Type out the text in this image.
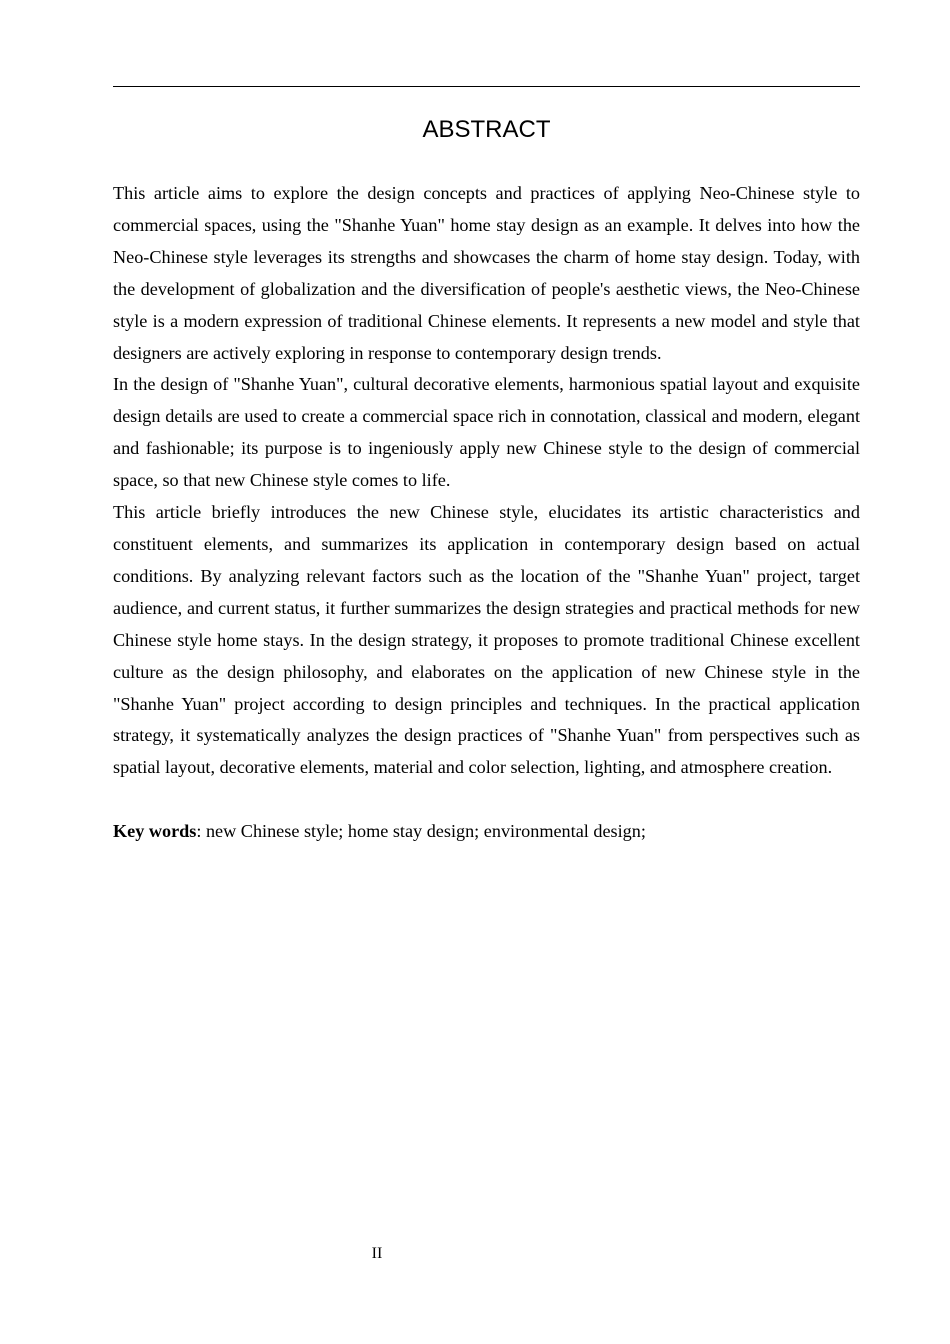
ABSTRACT

This article aims to explore the design concepts and practices of applying Neo-Chinese style to commercial spaces, using the "Shanhe Yuan" home stay design as an example. It delves into how the Neo-Chinese style leverages its strengths and showcases the charm of home stay design. Today, with the development of globalization and the diversification of people's aesthetic views, the Neo-Chinese style is a modern expression of traditional Chinese elements. It represents a new model and style that designers are actively exploring in response to contemporary design trends.

In the design of "Shanhe Yuan", cultural decorative elements, harmonious spatial layout and exquisite design details are used to create a commercial space rich in connotation, classical and modern, elegant and fashionable; its purpose is to ingeniously apply new Chinese style to the design of commercial space, so that new Chinese style comes to life.

This article briefly introduces the new Chinese style, elucidates its artistic characteristics and constituent elements, and summarizes its application in contemporary design based on actual conditions. By analyzing relevant factors such as the location of the "Shanhe Yuan" project, target audience, and current status, it further summarizes the design strategies and practical methods for new Chinese style home stays. In the design strategy, it proposes to promote traditional Chinese excellent culture as the design philosophy, and elaborates on the application of new Chinese style in the "Shanhe Yuan" project according to design principles and techniques. In the practical application strategy, it systematically analyzes the design practices of "Shanhe Yuan" from perspectives such as spatial layout, decorative elements, material and color selection, lighting, and atmosphere creation.

Key words: new Chinese style; home stay design; environmental design;

II
